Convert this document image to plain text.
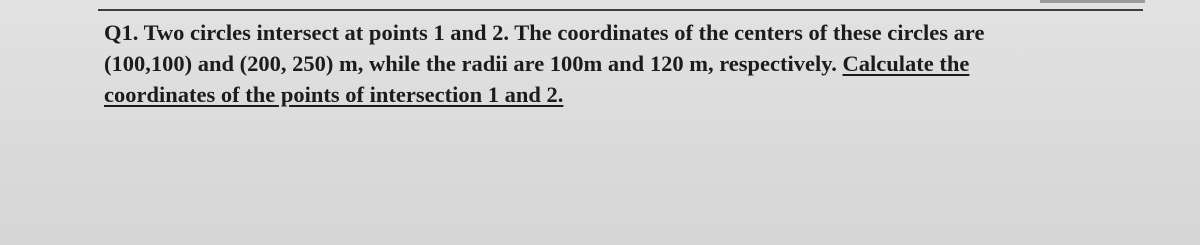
Q1. Two circles intersect at points 1 and 2. The coordinates of the centers of these circles are
(100,100) and (200, 250) m, while the radii are 100m and 120 m, respectively. Calculate the
coordinates of the points of intersection 1 and 2.
